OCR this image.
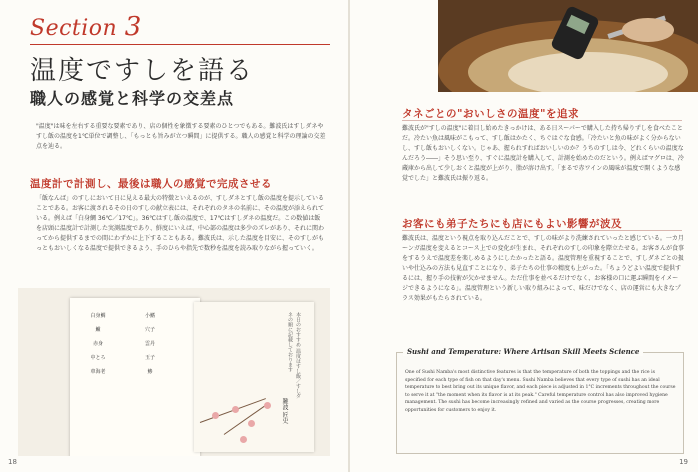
Section 3
温度ですしを語る
職人の感覚と科学の交差点
"温度"は味を左右する重要な要素であり、店の個性を象徴する要素のひとつでもある。難波氏はすしダネやすし飯の温度を1℃単位で調整し、「もっとも旨みが立つ瞬間」に提供する。職人の感覚と科学の理論の交差点を辿る。
温度計で計測し、最後は職人の感覚で完成させる
「飯なんば」のすしにおいて日に見える最大の特徴といえるのが、すしダネとすし飯の温度を提示していることである。お客に渡されるその日のすしの献立表には、それぞれのタネの名前に、その温度が添えられている。例えば「白身鯛 36℃／17℃」。36℃はすし飯の温度で、17℃はすしダネの温度だ。この数値は飯を店頭に温度計で計測した実測温度であり、鮮度にいえば、中心部の温度は多少のズレがあり、それに関わってから提供するまでの間にわずかに上下することもある。難波氏は、示した温度を目安に、そのすしがもっともおいしくなる温度で提供できるよう、手のひらや指先で数秒を温度を読み取りながら握っていく。
白身鯛
鱸
赤身
中とろ
車海老
小鰭
穴子
雲丹
玉子
鯵	本日のおすすめ 温度はすし飯／すしダネの順に記載しております
難波 匠史
18
タネごとの"おいしさの温度"を追求
難波氏が"すしの温度"に着目し始めたきっかけは、ある日スーパーで購入した持ち帰りずしを食べたことだ。冷たい魚は風味がこもって、すし飯はかたく、ちぐはぐな食感。「冷たいと魚の味がよく分からないし、すし飯もおいしくない。じゃあ、握られすればおいしいのか？うちのすしは今、どれくらいの温度なんだろう――」そう思い至り、すぐに温度計を購入して、計測を始めたのだという。例えばマグロは、冷蔵庫から出して少しおくと温度が上がり、脂が溶け出す。「まるで赤ワインの風味が温度で開くような感覚でした」と難波氏は振り返る。
お客にも弟子たちにも店にもよい影響が波及
難波氏は、温度という視点を取り込んだことで、すしの味がより洗練されていったと感じている。一カ月ーンガ温度を変えるとコース上での変化が生まれ、それぞれのすしの印象を際立たせる。お客さんが食事をするうえで温度差を楽しめるようにしたかったと語る。温度管理を重視することで、すしダネごとの扱いや仕込みの方法も見直すことになり、弟子たちの仕事の精度も上がった。「ちょうどよい温度で提供するには、握り手の技術が欠かせません。ただ仕事を並べるだけでなく、お客様の口に運ぶ瞬間をイメージできるようになる」。温度管理という新しい取り組みによって、味だけでなく、店の運営にも大きなプラス効果がもたらされている。
Sushi and Temperature: Where Artisan Skill Meets Science
One of Sushi Namba's most distinctive features is that the temperature of both the toppings and the rice is specified for each type of fish on that day's menu. Sushi Namba believes that every type of sushi has an ideal temperature to best bring out its unique flavor, and each piece is adjusted in 1°C increments throughout the course to serve it at "the moment when its flavor is at its peak." Careful temperature control has also improved hygiene management. The sushi has become increasingly refined and varied as the course progresses, creating more opportunities for customers to enjoy it.
19
